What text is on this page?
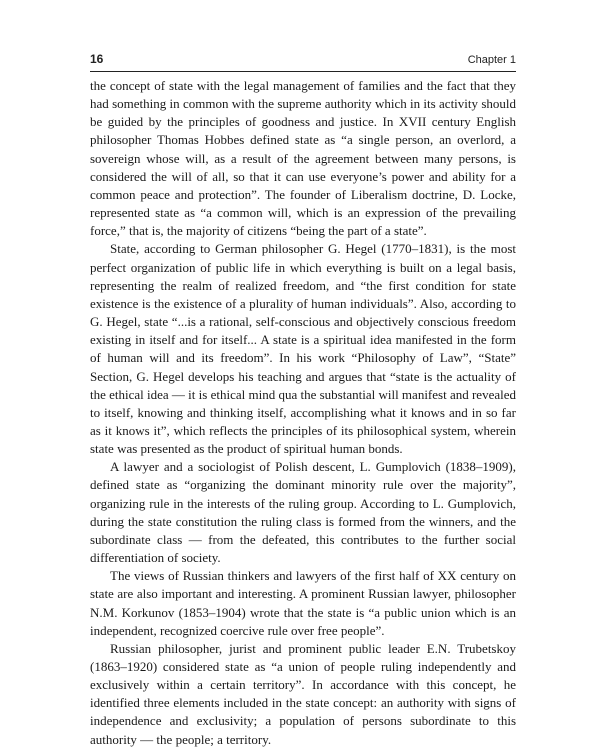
16	Chapter 1

the concept of state with the legal management of families and the fact that they had something in common with the supreme authority which in its activity should be guided by the principles of goodness and justice. In XVII century English philosopher Thomas Hobbes defined state as “a single person, an overlord, a sovereign whose will, as a result of the agreement between many persons, is considered the will of all, so that it can use everyone’s power and ability for a common peace and protection”. The founder of Liberalism doctrine, D. Locke, represented state as “a common will, which is an expression of the prevailing force,” that is, the majority of citizens “being the part of a state”.

State, according to German philosopher G. Hegel (1770–1831), is the most perfect organization of public life in which everything is built on a legal basis, representing the realm of realized freedom, and “the first condition for state existence is the existence of a plurality of human individuals”. Also, according to G. Hegel, state “...is a rational, self-conscious and objectively conscious freedom existing in itself and for itself... A state is a spiritual idea manifested in the form of human will and its freedom”. In his work “Philosophy of Law”, “State” Section, G. Hegel develops his teaching and argues that “state is the actuality of the ethical idea — it is ethical mind qua the substantial will manifest and revealed to itself, knowing and thinking itself, accomplishing what it knows and in so far as it knows it”, which reflects the principles of its philosophical system, wherein state was presented as the product of spiritual human bonds.

A lawyer and a sociologist of Polish descent, L. Gumplovich (1838–1909), defined state as “organizing the dominant minority rule over the majority”, organizing rule in the interests of the ruling group. According to L. Gumplovich, during the state constitution the ruling class is formed from the winners, and the subordinate class — from the defeated, this contributes to the further social differentiation of society.

The views of Russian thinkers and lawyers of the first half of XX century on state are also important and interesting. A prominent Russian lawyer, philosopher N.M. Korkunov (1853–1904) wrote that the state is “a public union which is an independent, recognized coercive rule over free people”.

Russian philosopher, jurist and prominent public leader E.N. Trubetskoy (1863–1920) considered state as “a union of people ruling independently and exclusively within a certain territory”. In accordance with this concept, he identified three elements included in the state concept: an authority with signs of independence and exclusivity; a population of persons subordinate to this authority — the people; a territory.
